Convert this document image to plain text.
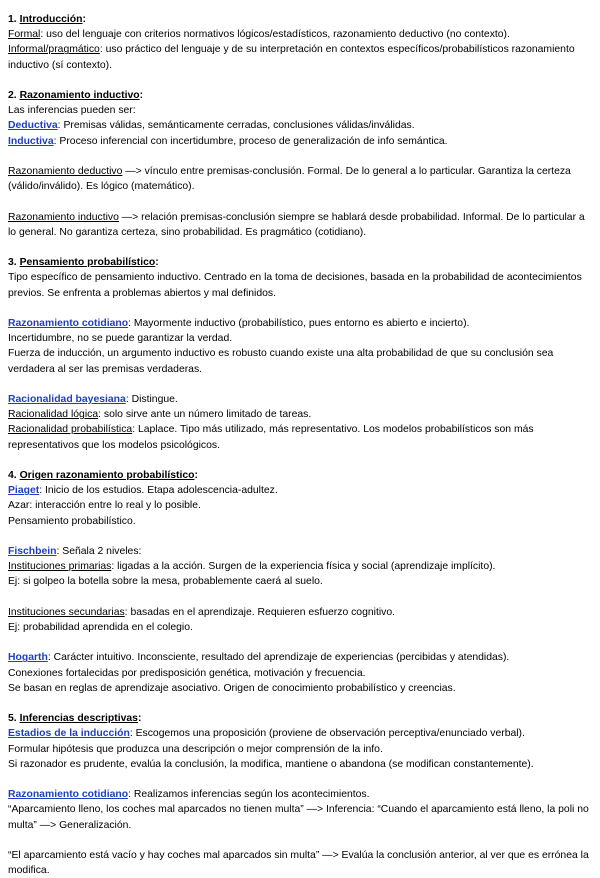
1. Introducción:
Formal: uso del lenguaje con criterios normativos lógicos/estadísticos, razonamiento deductivo (no contexto).
Informal/pragmático: uso práctico del lenguaje y de su interpretación en contextos específicos/probabilísticos razonamiento inductivo (sí contexto).
2. Razonamiento inductivo:
Las inferencias pueden ser:
Deductiva: Premisas válidas, semánticamente cerradas, conclusiones válidas/inválidas.
Inductiva: Proceso inferencial con incertidumbre, proceso de generalización de info semántica.
Razonamiento deductivo —> vínculo entre premisas-conclusión. Formal. De lo general a lo particular. Garantiza la certeza (válido/inválido). Es lógico (matemático).
Razonamiento inductivo —> relación premisas-conclusión siempre se hablará desde probabilidad. Informal. De lo particular a lo general. No garantiza certeza, sino probabilidad. Es pragmático (cotidiano).
3. Pensamiento probabilístico:
Tipo específico de pensamiento inductivo. Centrado en la toma de decisiones, basada en la probabilidad de acontecimientos previos. Se enfrenta a problemas abiertos y mal definidos.
Razonamiento cotidiano: Mayormente inductivo (probabilístico, pues entorno es abierto e incierto).
Incertidumbre, no se puede garantizar la verdad.
Fuerza de inducción, un argumento inductivo es robusto cuando existe una alta probabilidad de que su conclusión sea verdadera al ser las premisas verdaderas.
Racionalidad bayesiana: Distingue.
Racionalidad lógica: solo sirve ante un número limitado de tareas.
Racionalidad probabilística: Laplace. Tipo más utilizado, más representativo. Los modelos probabilísticos son más representativos que los modelos psicológicos.
4. Origen razonamiento probabilístico:
Piaget: Inicio de los estudios. Etapa adolescencia-adultez.
Azar: interacción entre lo real y lo posible.
Pensamiento probabilístico.
Fischbein: Señala 2 niveles:
Instituciones primarias: ligadas a la acción. Surgen de la experiencia física y social (aprendizaje implícito).
Ej: si golpeo la botella sobre la mesa, probablemente caerá al suelo.
Instituciones secundarias: basadas en el aprendizaje. Requieren esfuerzo cognitivo.
Ej: probabilidad aprendida en el colegio.
Hogarth: Carácter intuitivo. Inconsciente, resultado del aprendizaje de experiencias (percibidas y atendidas).
Conexiones fortalecidas por predisposición genética, motivación y frecuencia.
Se basan en reglas de aprendizaje asociativo. Origen de conocimiento probabilístico y creencias.
5. Inferencias descriptivas:
Estadios de la inducción: Escogemos una proposición (proviene de observación perceptiva/enunciado verbal).
Formular hipótesis que produzca una descripción o mejor comprensión de la info.
Si razonador es prudente, evalúa la conclusión, la modifica, mantiene o abandona (se modifican constantemente).
Razonamiento cotidiano: Realizamos inferencias según los acontecimientos.
“Aparcamiento lleno, los coches mal aparcados no tienen multa” —> Inferencia: “Cuando el aparcamiento está lleno, la poli no multa” —> Generalización.
“El aparcamiento está vacío y hay coches mal aparcados sin multa” —> Evalúa la conclusión anterior, al ver que es errónea la modifica.
